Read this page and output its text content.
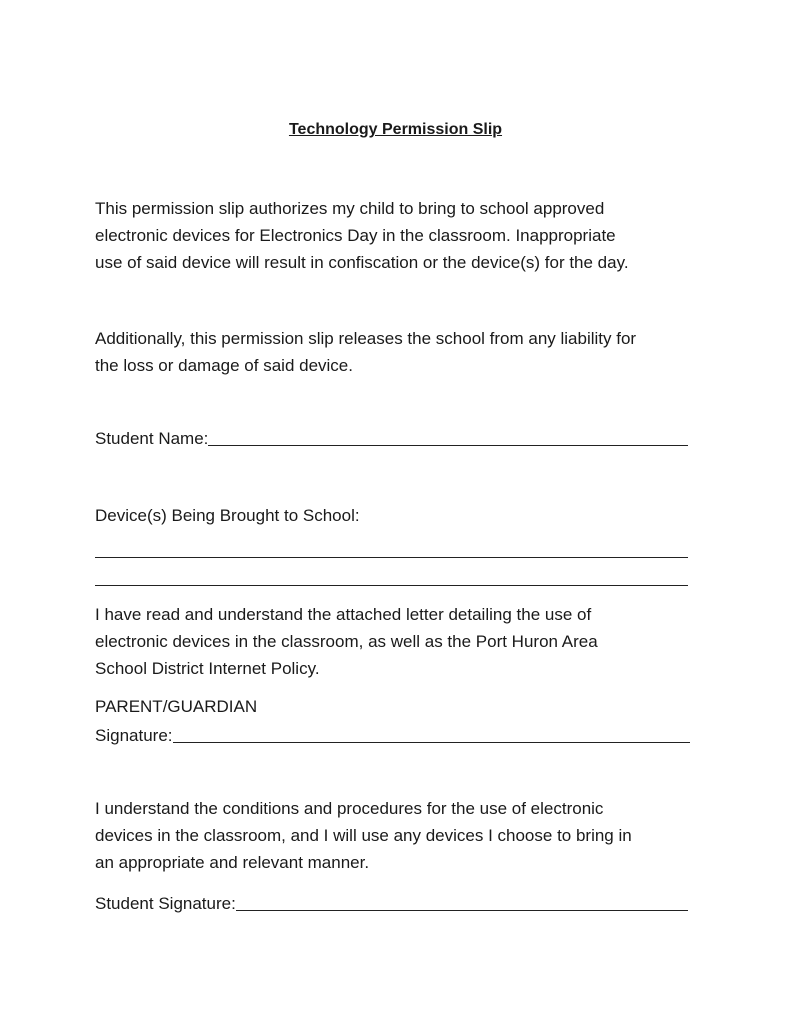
Technology Permission Slip
This permission slip authorizes my child to bring to school approved
electronic devices for Electronics Day in the classroom. Inappropriate
use of said device will result in confiscation or the device(s) for the day.
Additionally, this permission slip releases the school from any liability for
the loss or damage of said device.
Student Name:
Device(s) Being Brought to School:
I have read and understand the attached letter detailing the use of
electronic devices in the classroom, as well as the Port Huron Area
School District Internet Policy.
PARENT/GUARDIAN
Signature:
I understand the conditions and procedures for the use of electronic
devices in the classroom, and I will use any devices I choose to bring in
an appropriate and relevant manner.
Student Signature:
